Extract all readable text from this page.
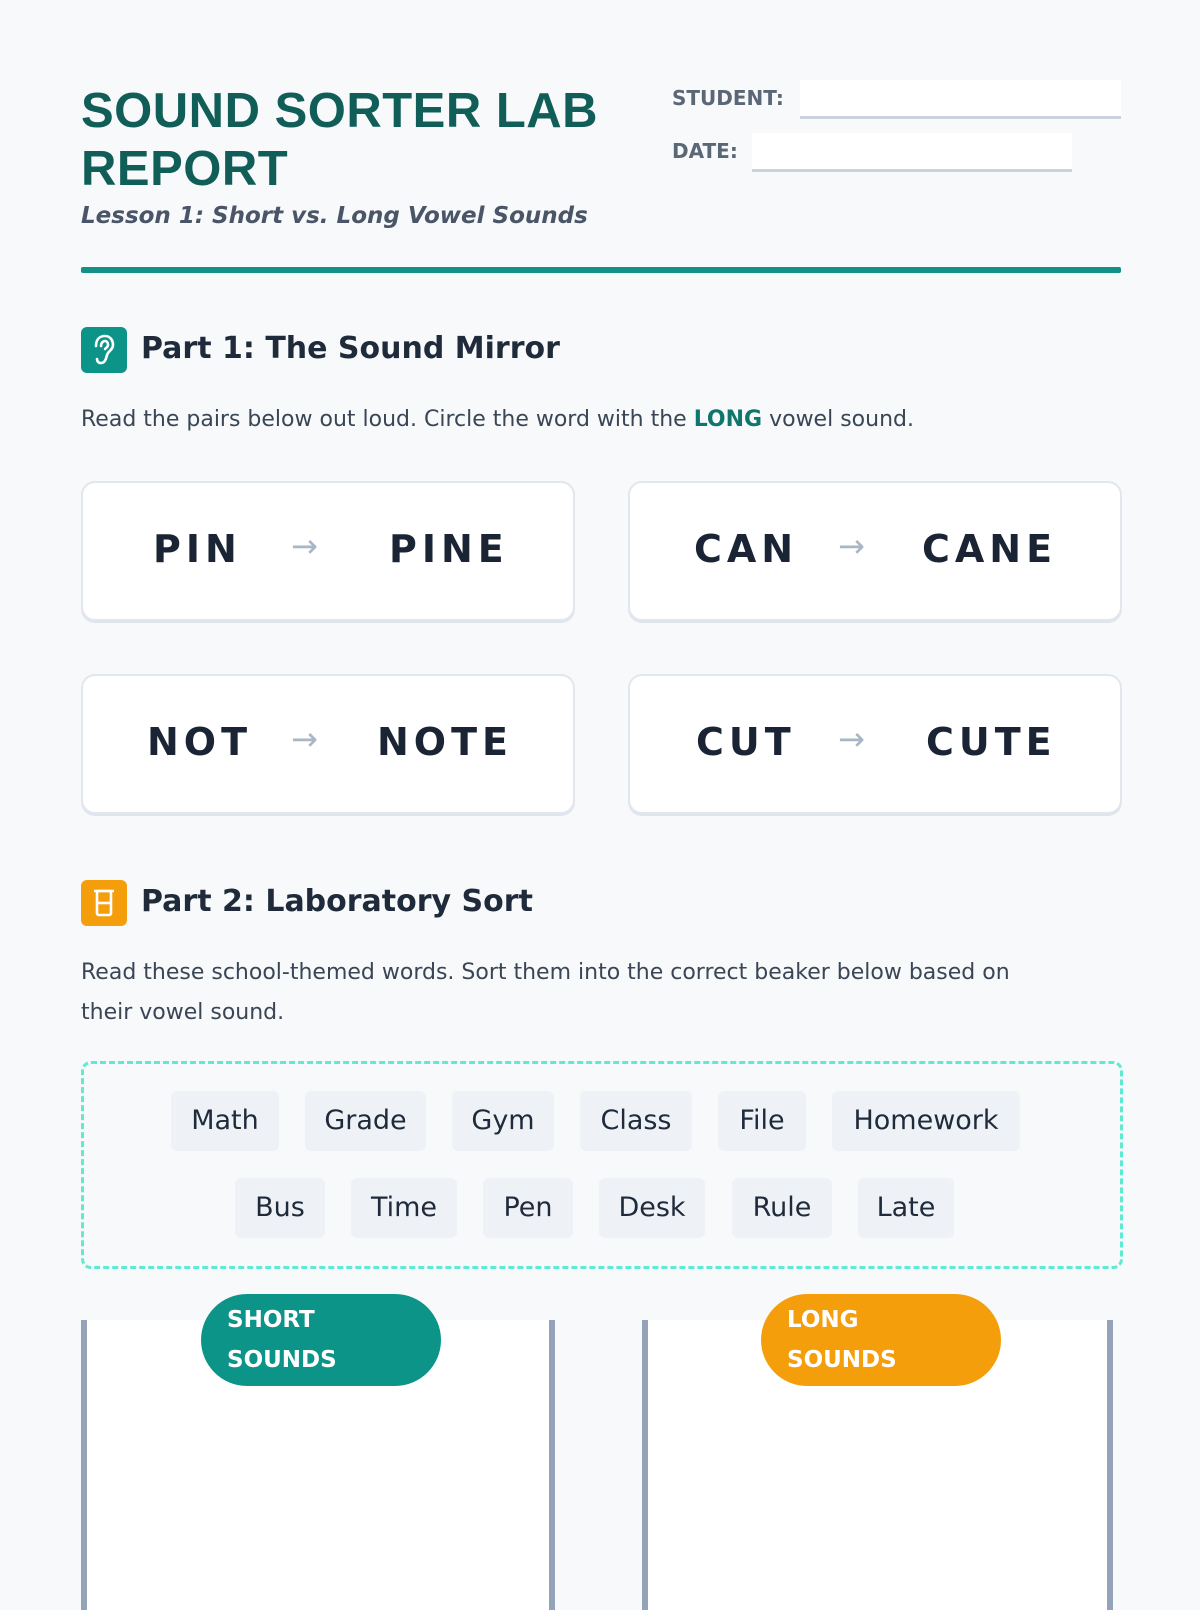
SOUND SORTER LAB
REPORT
Lesson 1: Short vs. Long Vowel Sounds
STUDENT:
DATE:
Part 1: The Sound Mirror
Read the pairs below out loud. Circle the word with the LONG vowel sound.
PIN → PINE	CAN → CANE
NOT → NOTE	CUT → CUTE
Part 2: Laboratory Sort
Read these school-themed words. Sort them into the correct beaker below based on
their vowel sound.
Math	Grade	Gym	Class	File	Homework
Bus	Time	Pen	Desk	Rule	Late
SHORT
SOUNDS
LONG
SOUNDS
